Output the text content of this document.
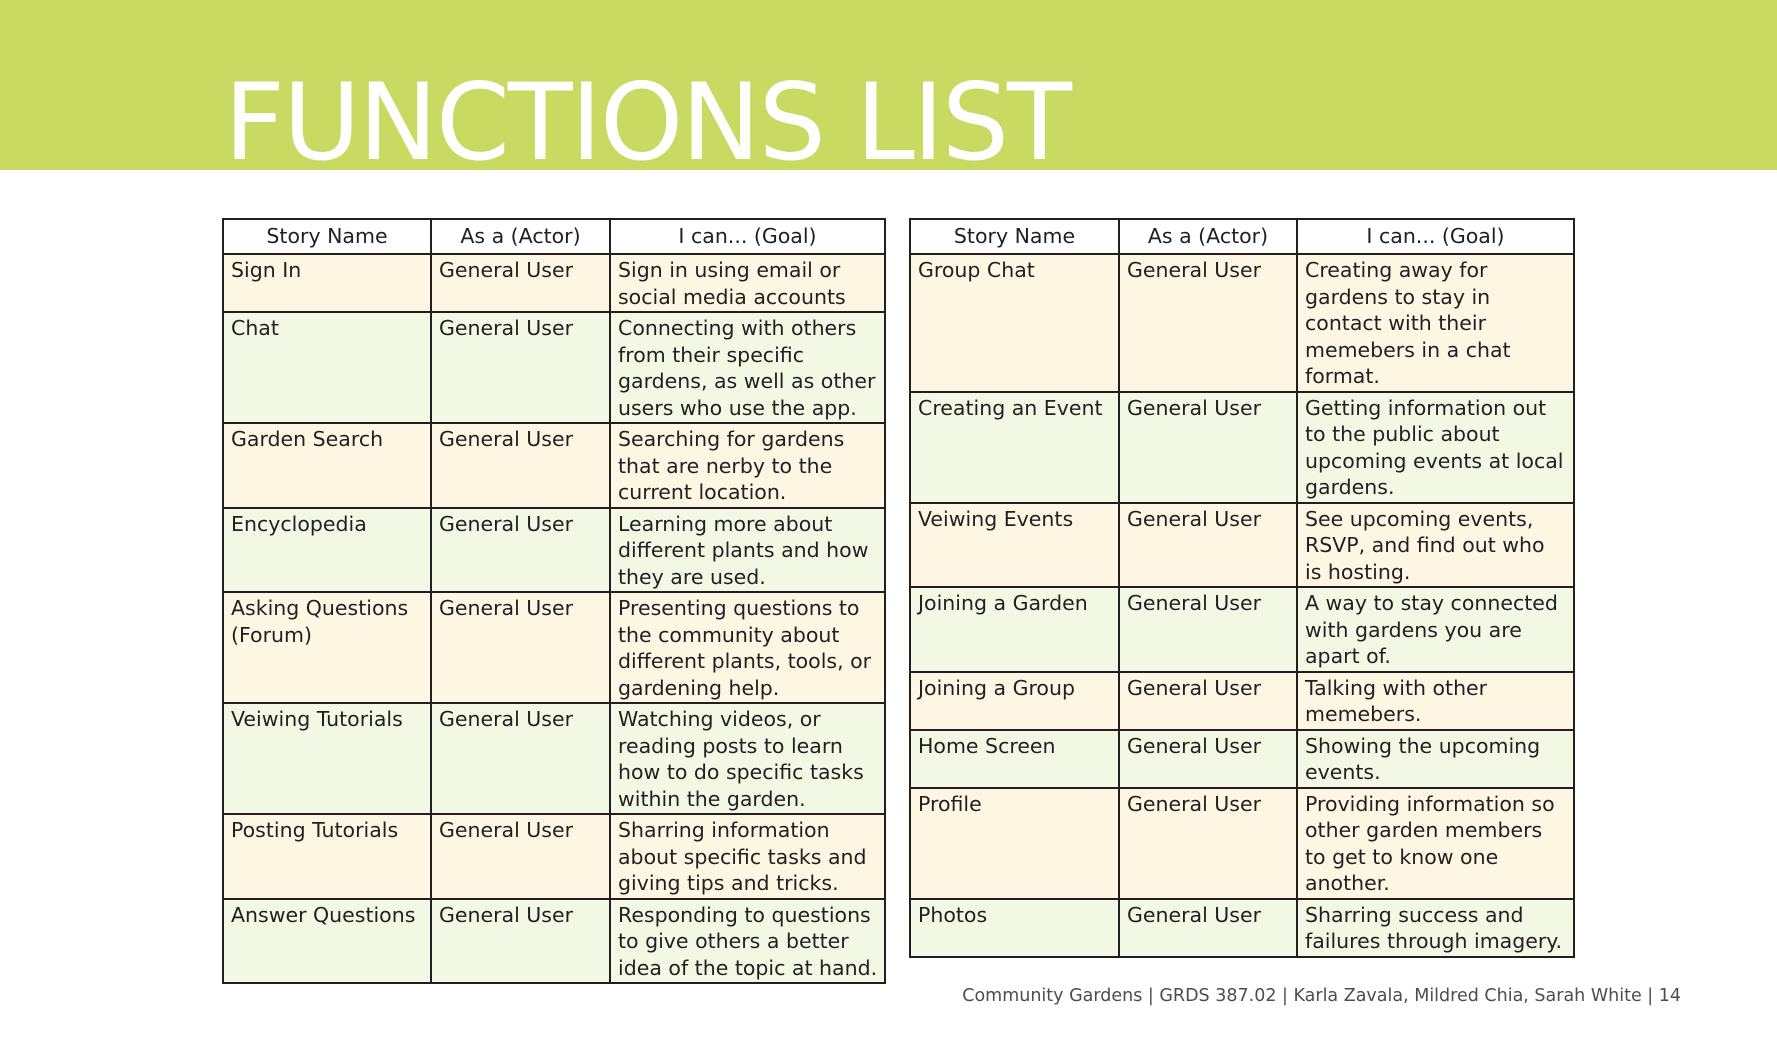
FUNCTIONS LIST
Story Name	As a (Actor)	I can... (Goal)
Sign In	General User	Sign in using email or social media accounts
Chat	General User	Connecting with others from their specific gardens, as well as other users who use the app.
Garden Search	General User	Searching for gardens that are nerby to the current location.
Encyclopedia	General User	Learning more about different plants and how they are used.
Asking Questions (Forum)	General User	Presenting questions to the community about different plants, tools, or gardening help.
Veiwing Tutorials	General User	Watching videos, or reading posts to learn how to do specific tasks within the garden.
Posting Tutorials	General User	Sharring information about specific tasks and giving tips and tricks.
Answer Questions	General User	Responding to questions to give others a better idea of the topic at hand.
Story Name	As a (Actor)	I can... (Goal)
Group Chat	General User	Creating away for gardens to stay in contact with their memebers in a chat format.
Creating an Event	General User	Getting information out to the public about upcoming events at local gardens.
Veiwing Events	General User	See upcoming events, RSVP, and find out who is hosting.
Joining a Garden	General User	A way to stay connected with gardens you are apart of.
Joining a Group	General User	Talking with other memebers.
Home Screen	General User	Showing the upcoming events.
Profile	General User	Providing information so other garden members to get to know one another.
Photos	General User	Sharring success and failures through imagery.
Community Gardens | GRDS 387.02 | Karla Zavala, Mildred Chia, Sarah White | 14
